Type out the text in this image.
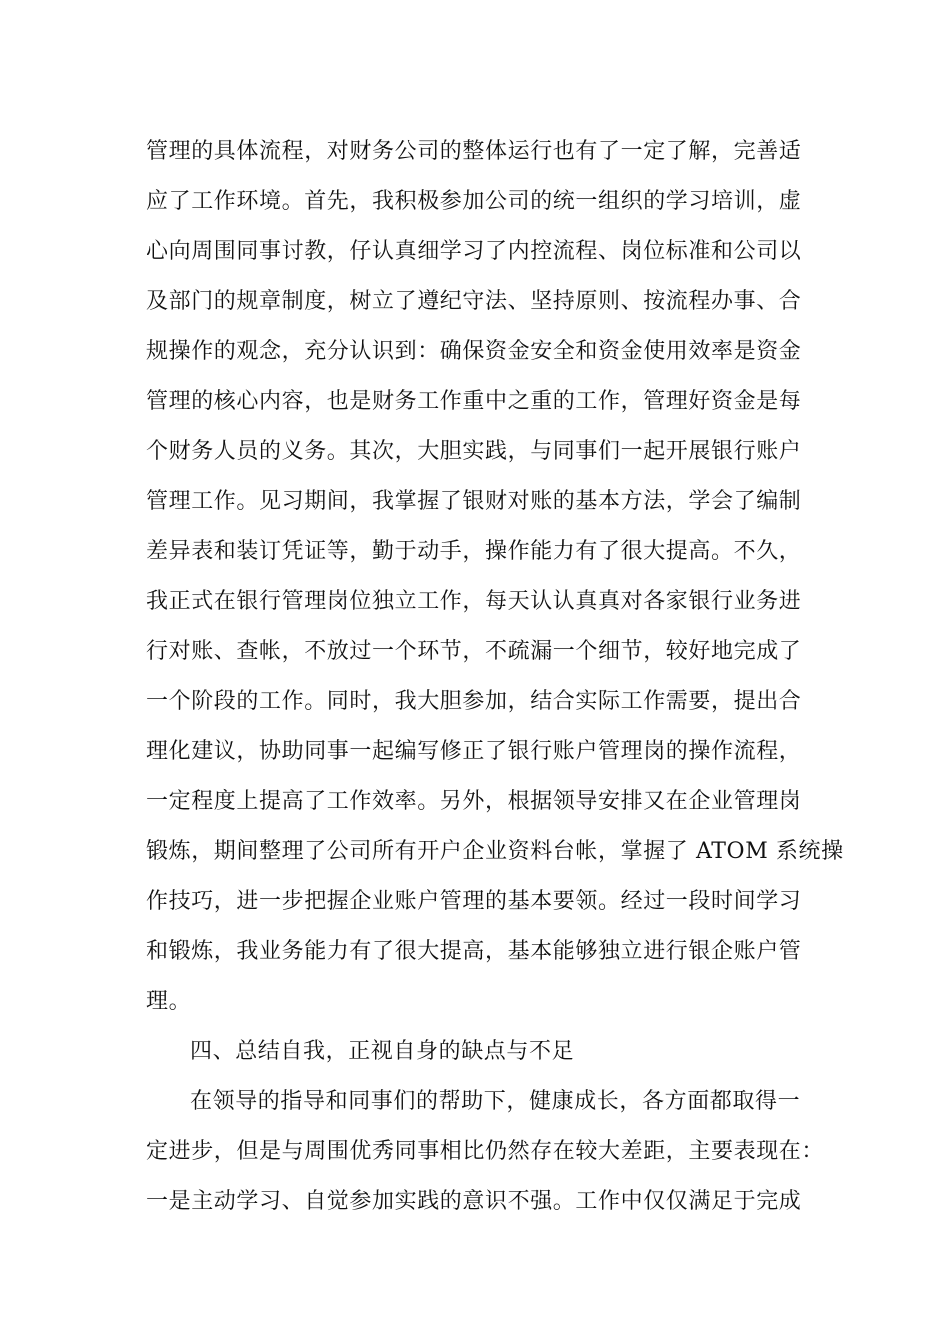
管理的具体流程，对财务公司的整体运行也有了一定了解，完善适
应了工作环境。首先，我积极参加公司的统一组织的学习培训，虚
心向周围同事讨教，仔认真细学习了内控流程、岗位标准和公司以
及部门的规章制度，树立了遵纪守法、坚持原则、按流程办事、合
规操作的观念，充分认识到：确保资金安全和资金使用效率是资金
管理的核心内容，也是财务工作重中之重的工作，管理好资金是每
个财务人员的义务。其次，大胆实践，与同事们一起开展银行账户
管理工作。见习期间，我掌握了银财对账的基本方法，学会了编制
差异表和装订凭证等，勤于动手，操作能力有了很大提高。不久，
我正式在银行管理岗位独立工作，每天认认真真对各家银行业务进
行对账、查帐，不放过一个环节，不疏漏一个细节，较好地完成了
一个阶段的工作。同时，我大胆参加，结合实际工作需要，提出合
理化建议，协助同事一起编写修正了银行账户管理岗的操作流程，
一定程度上提高了工作效率。另外，根据领导安排又在企业管理岗
锻炼，期间整理了公司所有开户企业资料台帐，掌握了 ATOM 系统操
作技巧，进一步把握企业账户管理的基本要领。经过一段时间学习
和锻炼，我业务能力有了很大提高，基本能够独立进行银企账户管
理。
四、总结自我，正视自身的缺点与不足
在领导的指导和同事们的帮助下，健康成长，各方面都取得一
定进步，但是与周围优秀同事相比仍然存在较大差距，主要表现在：
一是主动学习、自觉参加实践的意识不强。工作中仅仅满足于完成
